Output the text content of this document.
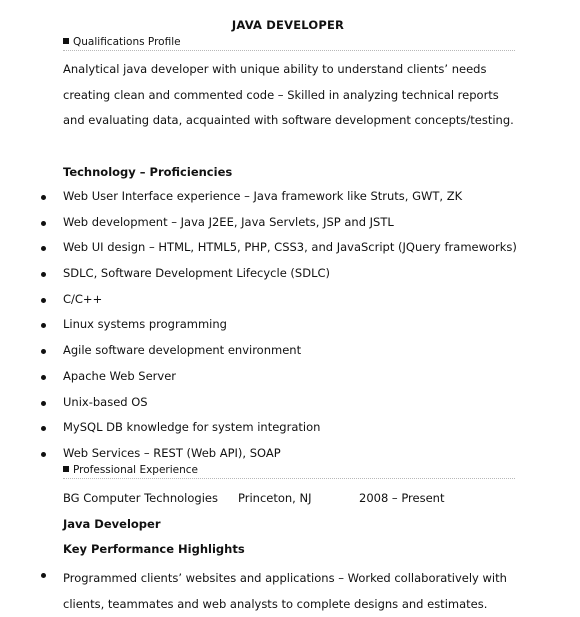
JAVA DEVELOPER
Qualifications Profile

Analytical java developer with unique ability to understand clients’ needs creating clean and commented code – Skilled in analyzing technical reports and evaluating data, acquainted with software development concepts/testing.

Technology – Proficiencies
Web User Interface experience – Java framework like Struts, GWT, ZK
Web development – Java J2EE, Java Servlets, JSP and JSTL
Web UI design – HTML, HTML5, PHP, CSS3, and JavaScript (JQuery frameworks)
SDLC, Software Development Lifecycle (SDLC)
C/C++
Linux systems programming
Agile software development environment
Apache Web Server
Unix-based OS
MySQL DB knowledge for system integration
Web Services – REST (Web API), SOAP
Professional Experience
BG Computer Technologies Princeton, NJ	2008 – Present
Java Developer
Key Performance Highlights

Programmed clients’ websites and applications – Worked collaboratively with clients, teammates and web analysts to complete designs and estimates.
